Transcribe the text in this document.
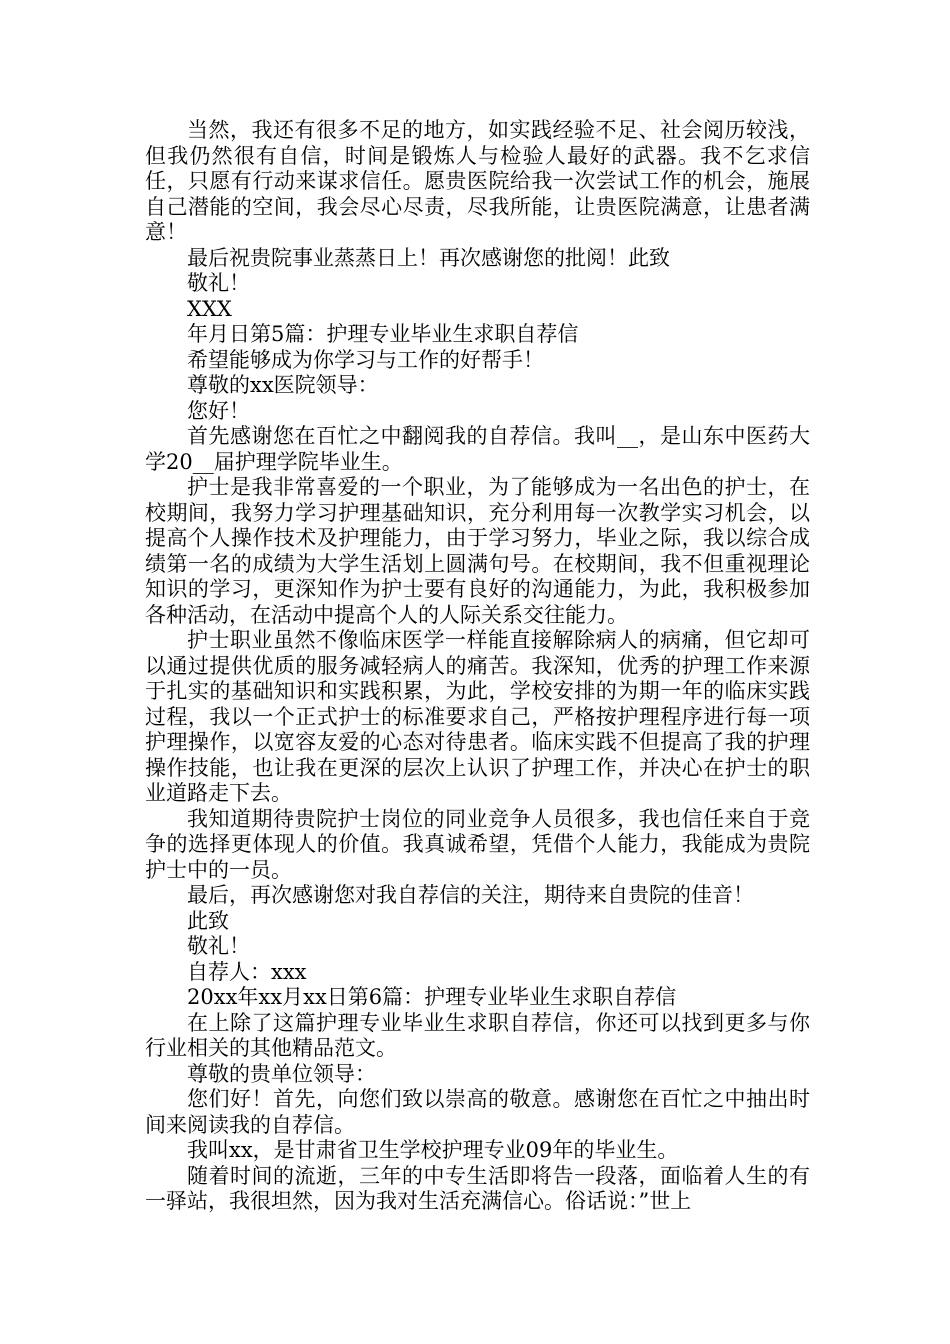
当然，我还有很多不足的地方，如实践经验不足、社会阅历较浅，但我仍然很有自信，时间是锻炼人与检验人最好的武器。我不乞求信任，只愿有行动来谋求信任。愿贵医院给我一次尝试工作的机会，施展自己潜能的空间，我会尽心尽责，尽我所能，让贵医院满意，让患者满意！

最后祝贵院事业蒸蒸日上！再次感谢您的批阅！此致

敬礼！

XXX

年月日第5篇：护理专业毕业生求职自荐信

希望能够成为你学习与工作的好帮手！

尊敬的xx医院领导：

您好！

首先感谢您在百忙之中翻阅我的自荐信。我叫__，是山东中医药大学20__届护理学院毕业生。

护士是我非常喜爱的一个职业，为了能够成为一名出色的护士，在校期间，我努力学习护理基础知识，充分利用每一次教学实习机会，以提高个人操作技术及护理能力，由于学习努力，毕业之际，我以综合成绩第一名的成绩为大学生活划上圆满句号。在校期间，我不但重视理论知识的学习，更深知作为护士要有良好的沟通能力，为此，我积极参加各种活动，在活动中提高个人的人际关系交往能力。

护士职业虽然不像临床医学一样能直接解除病人的病痛，但它却可以通过提供优质的服务减轻病人的痛苦。我深知，优秀的护理工作来源于扎实的基础知识和实践积累，为此，学校安排的为期一年的临床实践过程，我以一个正式护士的标准要求自己，严格按护理程序进行每一项护理操作，以宽容友爱的心态对待患者。临床实践不但提高了我的护理操作技能，也让我在更深的层次上认识了护理工作，并决心在护士的职业道路走下去。

我知道期待贵院护士岗位的同业竞争人员很多，我也信任来自于竞争的选择更体现人的价值。我真诚希望，凭借个人能力，我能成为贵院护士中的一员。

最后，再次感谢您对我自荐信的关注，期待来自贵院的佳音！

此致

敬礼！

自荐人：xxx

20xx年xx月xx日第6篇：护理专业毕业生求职自荐信

在上除了这篇护理专业毕业生求职自荐信，你还可以找到更多与你行业相关的其他精品范文。

尊敬的贵单位领导：

您们好！首先，向您们致以崇高的敬意。感谢您在百忙之中抽出时间来阅读我的自荐信。

我叫xx，是甘肃省卫生学校护理专业09年的毕业生。

随着时间的流逝，三年的中专生活即将告一段落，面临着人生的有一驿站，我很坦然，因为我对生活充满信心。俗话说：”世上
